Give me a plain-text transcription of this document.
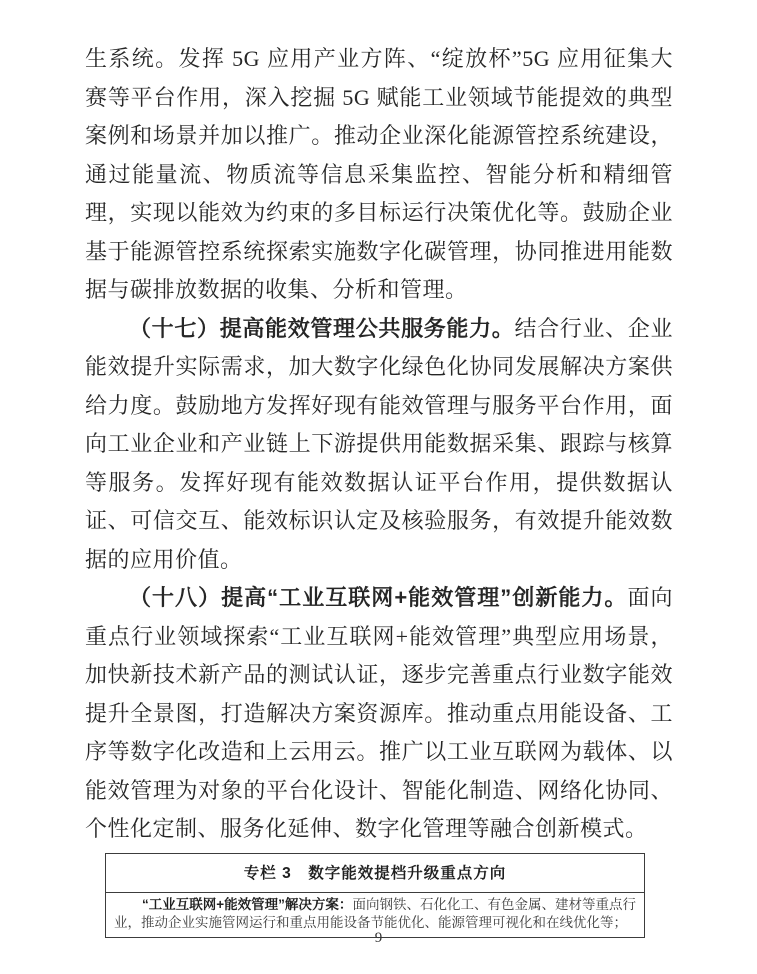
生系统。发挥 5G 应用产业方阵、“绽放杯”5G 应用征集大赛等平台作用，深入挖掘 5G 赋能工业领域节能提效的典型案例和场景并加以推广。推动企业深化能源管控系统建设，通过能量流、物质流等信息采集监控、智能分析和精细管理，实现以能效为约束的多目标运行决策优化等。鼓励企业基于能源管控系统探索实施数字化碳管理，协同推进用能数据与碳排放数据的收集、分析和管理。

（十七）提高能效管理公共服务能力。结合行业、企业能效提升实际需求，加大数字化绿色化协同发展解决方案供给力度。鼓励地方发挥好现有能效管理与服务平台作用，面向工业企业和产业链上下游提供用能数据采集、跟踪与核算等服务。发挥好现有能效数据认证平台作用，提供数据认证、可信交互、能效标识认定及核验服务，有效提升能效数据的应用价值。

（十八）提高“工业互联网+能效管理”创新能力。面向重点行业领域探索“工业互联网+能效管理”典型应用场景，加快新技术新产品的测试认证，逐步完善重点行业数字能效提升全景图，打造解决方案资源库。推动重点用能设备、工序等数字化改造和上云用云。推广以工业互联网为载体、以能效管理为对象的平台化设计、智能化制造、网络化协同、个性化定制、服务化延伸、数字化管理等融合创新模式。

专栏 3　数字能效提档升级重点方向
“工业互联网+能效管理”解决方案：面向钢铁、石化化工、有色金属、建材等重点行业，推动企业实施管网运行和重点用能设备节能优化、能源管理可视化和在线优化等；
9
